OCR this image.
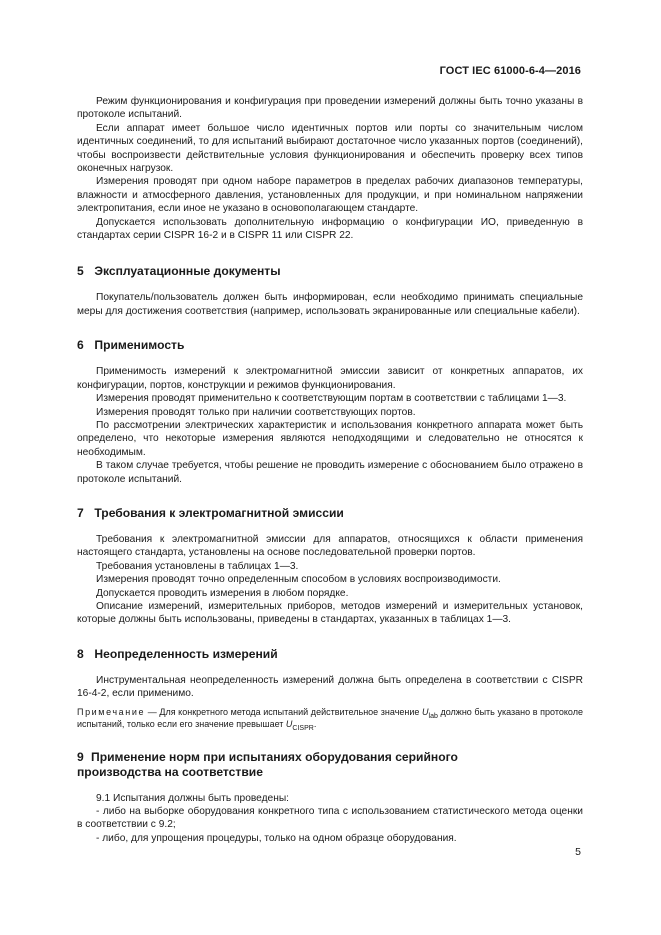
ГОСТ IEC 61000-6-4—2016

Режим функционирования и конфигурация при проведении измерений должны быть точно указаны в протоколе испытаний.

Если аппарат имеет большое число идентичных портов или порты со значительным числом идентичных соединений, то для испытаний выбирают достаточное число указанных портов (соединений), чтобы воспроизвести действительные условия функционирования и обеспечить проверку всех типов оконечных нагрузок.

Измерения проводят при одном наборе параметров в пределах рабочих диапазонов температуры, влажности и атмосферного давления, установленных для продукции, и при номинальном напряжении электропитания, если иное не указано в основополагающем стандарте.

Допускается использовать дополнительную информацию о конфигурации ИО, приведенную в стандартах серии CISPR 16-2 и в CISPR 11 или CISPR 22.

5 Эксплуатационные документы

Покупатель/пользователь должен быть информирован, если необходимо принимать специальные меры для достижения соответствия (например, использовать экранированные или специальные кабели).

6 Применимость

Применимость измерений к электромагнитной эмиссии зависит от конкретных аппаратов, их конфигурации, портов, конструкции и режимов функционирования.

Измерения проводят применительно к соответствующим портам в соответствии с таблицами 1—3.

Измерения проводят только при наличии соответствующих портов.

По рассмотрении электрических характеристик и использования конкретного аппарата может быть определено, что некоторые измерения являются неподходящими и следовательно не относятся к необходимым.

В таком случае требуется, чтобы решение не проводить измерение с обоснованием было отражено в протоколе испытаний.

7 Требования к электромагнитной эмиссии

Требования к электромагнитной эмиссии для аппаратов, относящихся к области применения настоящего стандарта, установлены на основе последовательной проверки портов.

Требования установлены в таблицах 1—3.

Измерения проводят точно определенным способом в условиях воспроизводимости.

Допускается проводить измерения в любом порядке.

Описание измерений, измерительных приборов, методов измерений и измерительных установок, которые должны быть использованы, приведены в стандартах, указанных в таблицах 1—3.

8 Неопределенность измерений

Инструментальная неопределенность измерений должна быть определена в соответствии с CISPR 16-4-2, если применимо.

Примечание — Для конкретного метода испытаний действительное значение $U_{lab}$ должно быть указано в протоколе испытаний, только если его значение превышает $U_{CISPR}$.

9 Применение норм при испытаниях оборудования серийного
производства на соответствие

9.1 Испытания должны быть проведены:

- либо на выборке оборудования конкретного типа с использованием статистического метода оценки в соответствии с 9.2;

- либо, для упрощения процедуры, только на одном образце оборудования.

5
